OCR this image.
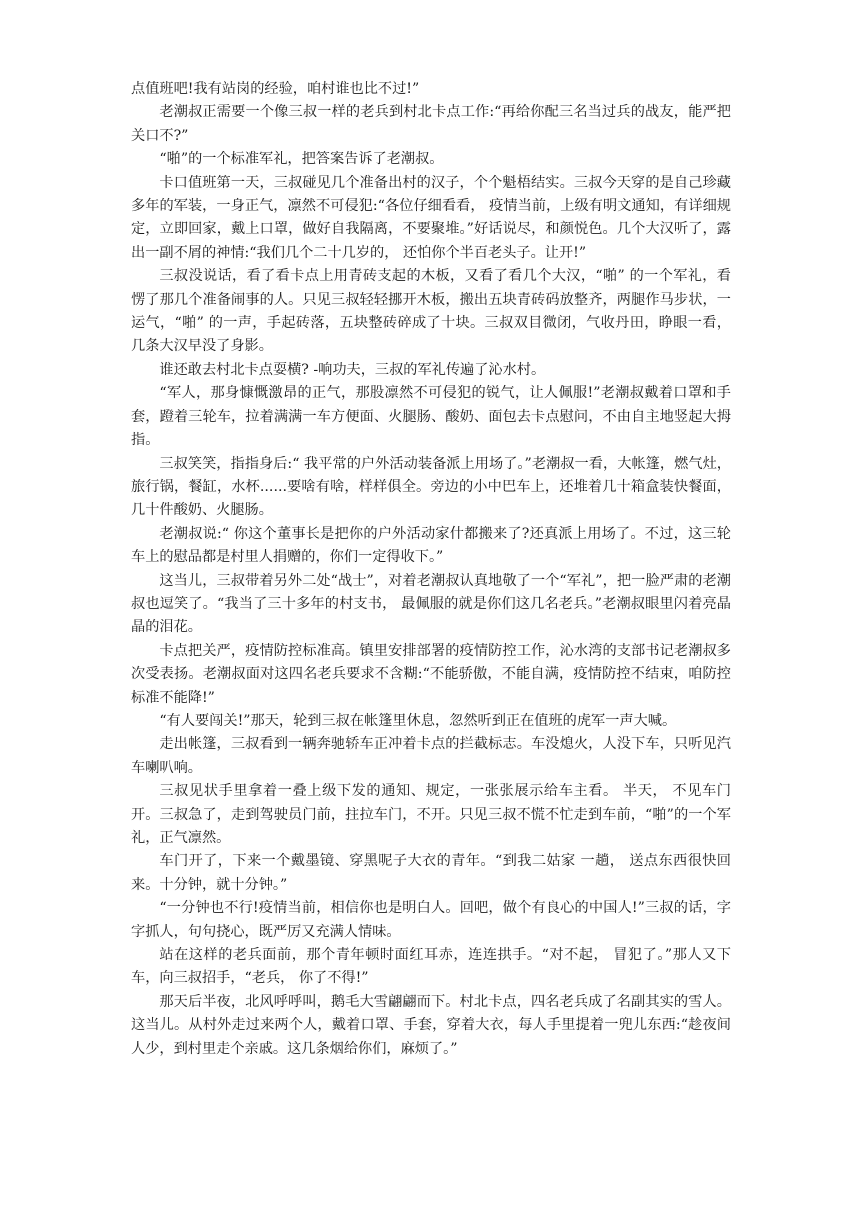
点值班吧!我有站岗的经验，咱村谁也比不过!”

老潮叔正需要一个像三叔一样的老兵到村北卡点工作:“再给你配三名当过兵的战友，能严把关口不?”

“啪”的一个标准军礼，把答案告诉了老潮叔。

卡口值班第一天，三叔碰见几个准备出村的汉子，个个魁梧结实。三叔今天穿的是自己珍藏多年的军装，一身正气，凛然不可侵犯:“各位仔细看看， 疫情当前，上级有明文通知，有详细规定，立即回家，戴上口罩，做好自我隔离，不要聚堆。”好话说尽，和颜悦色。几个大汉听了，露出一副不屑的神情:“我们几个二十几岁的， 还怕你个半百老头子。让开!”

三叔没说话，看了看卡点上用青砖支起的木板，又看了看几个大汉，“啪” 的一个军礼，看愣了那几个准备闹事的人。只见三叔轻轻挪开木板，搬出五块青砖码放整齐，两腿作马步状，一运气，“啪” 的一声，手起砖落，五块整砖碎成了十块。三叔双目微闭，气收丹田，睁眼一看，几条大汉早没了身影。

谁还敢去村北卡点耍横? -响功夫，三叔的军礼传遍了沁水村。

“军人，那身慷慨激昂的正气，那股凛然不可侵犯的锐气，让人佩服!”老潮叔戴着口罩和手套，蹬着三轮车，拉着满满一车方便面、火腿肠、酸奶、面包去卡点慰问，不由自主地竖起大拇指。

三叔笑笑，指指身后:“ 我平常的户外活动装备派上用场了。”老潮叔一看，大帐篷，燃气灶，旅行锅，餐缸，水杯......要啥有啥，样样俱全。旁边的小中巴车上，还堆着几十箱盒装快餐面，几十件酸奶、火腿肠。

老潮叔说:“ 你这个董事长是把你的户外活动家什都搬来了?还真派上用场了。不过，这三轮车上的慰品都是村里人捐赠的，你们一定得收下。”

这当儿，三叔带着另外二处“战士”，对着老潮叔认真地敬了一个“军礼”，把一脸严肃的老潮叔也逗笑了。“我当了三十多年的村支书， 最佩服的就是你们这几名老兵。”老潮叔眼里闪着亮晶晶的泪花。

卡点把关严，疫情防控标准高。镇里安排部署的疫情防控工作，沁水湾的支部书记老潮叔多次受表扬。老潮叔面对这四名老兵要求不含糊:“不能骄傲，不能自满，疫情防控不结束，咱防控标准不能降!”

“有人要闯关!”那天，轮到三叔在帐篷里休息，忽然听到正在值班的虎军一声大喊。

走出帐篷，三叔看到一辆奔驰轿车正冲着卡点的拦截标志。车没熄火，人没下车，只听见汽车喇叭响。

三叔见状手里拿着一叠上级下发的通知、规定，一张张展示给车主看。 半天， 不见车门开。三叔急了，走到驾驶员门前，拄拉车门，不开。只见三叔不慌不忙走到车前，“啪”的一个军礼，正气凛然。

车门开了，下来一个戴墨镜、穿黑呢子大衣的青年。“到我二姑家 一趟， 送点东西很快回来。十分钟，就十分钟。”

“一分钟也不行!疫情当前，相信你也是明白人。回吧，做个有良心的中国人!”三叔的话，字字抓人，句句挠心，既严厉又充满人情味。

站在这样的老兵面前，那个青年顿时面红耳赤，连连拱手。“对不起， 冒犯了。”那人又下车，向三叔招手，“老兵， 你了不得!”

那天后半夜，北风呼呼叫，鹅毛大雪翩翩而下。村北卡点，四名老兵成了名副其实的雪人。这当儿。从村外走过来两个人，戴着口罩、手套，穿着大衣，每人手里提着一兜儿东西:“趁夜间人少，到村里走个亲戚。这几条烟给你们，麻烦了。”
